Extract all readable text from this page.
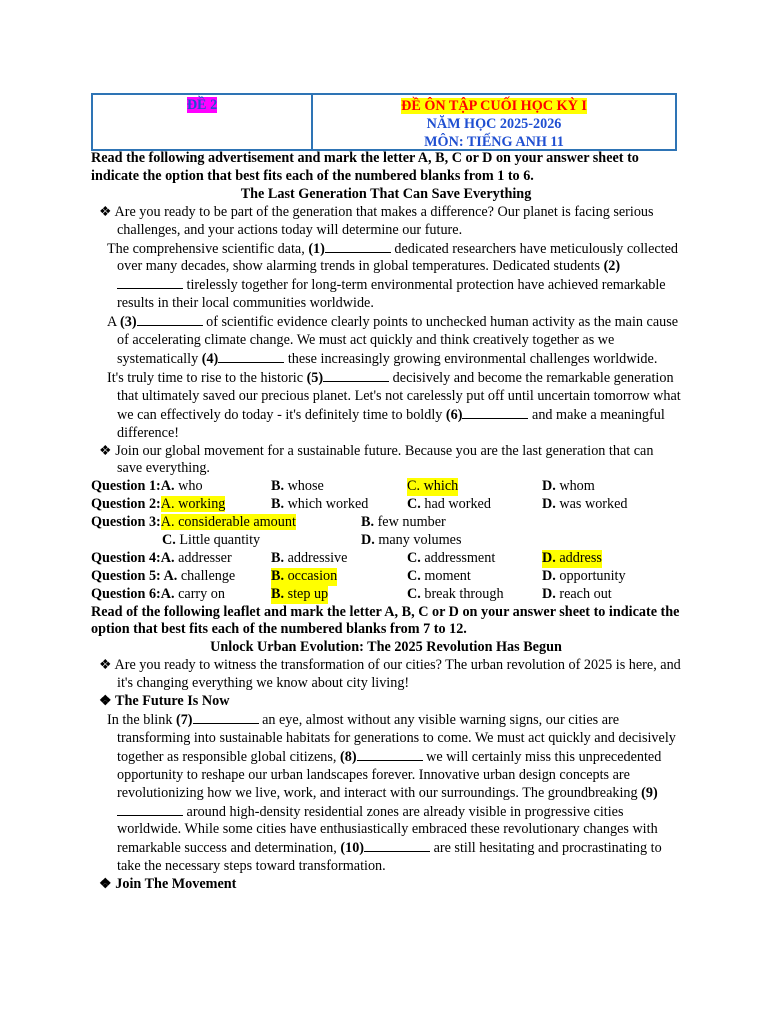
ĐỀ 2	ĐỀ ÔN TẬP CUỐI HỌC KỲ I
NĂM HỌC 2025-2026
MÔN: TIẾNG ANH 11

Read the following advertisement and mark the letter A, B, C or D on your answer sheet to indicate the option that best fits each of the numbered blanks from 1 to 6.

The Last Generation That Can Save Everything

❖ Are you ready to be part of the generation that makes a difference? Our planet is facing serious challenges, and your actions today will determine our future.

The comprehensive scientific data, (1)	dedicated researchers have meticulously collected over many decades, show alarming trends in global temperatures. Dedicated students (2) tirelessly together for long-term environmental protection have achieved remarkable results in their local communities worldwide.

A (3)	of scientific evidence clearly points to unchecked human activity as the main cause of accelerating climate change. We must act quickly and think creatively together as we systematically (4)	these increasingly growing environmental challenges worldwide.

It's truly time to rise to the historic (5)	decisively and become the remarkable generation that ultimately saved our precious planet. Let's not carelessly put off until uncertain tomorrow what we can effectively do today - it's definitely time to boldly (6)	and make a meaningful difference!

❖ Join our global movement for a sustainable future. Because you are the last generation that can save everything.

Question 1:A. who	B. whose	C. which	D. whom
Question 2:A. working	B. which worked	C. had worked	D. was worked
Question 3:A. considerable amount	B. few number
C. Little quantity	D. many volumes
Question 4:A. addresser	B. addressive	C. addressment	D. address
Question 5: A. challenge	B. occasion	C. moment	D. opportunity
Question 6:A. carry on	B. step up	C. break through	D. reach out

Read of the following leaflet and mark the letter A, B, C or D on your answer sheet to indicate the option that best fits each of the numbered blanks from 7 to 12.

Unlock Urban Evolution: The 2025 Revolution Has Begun

❖ Are you ready to witness the transformation of our cities? The urban revolution of 2025 is here, and it's changing everything we know about city living!

❖ The Future Is Now

In the blink (7)	an eye, almost without any visible warning signs, our cities are transforming into sustainable habitats for generations to come. We must act quickly and decisively together as responsible global citizens, (8)	we will certainly miss this unprecedented opportunity to reshape our urban landscapes forever. Innovative urban design concepts are revolutionizing how we live, work, and interact with our surroundings. The groundbreaking (9) around high-density residential zones are already visible in progressive cities worldwide. While some cities have enthusiastically embraced these revolutionary changes with remarkable success and determination, (10)	are still hesitating and procrastinating to take the necessary steps toward transformation.

❖ Join The Movement
